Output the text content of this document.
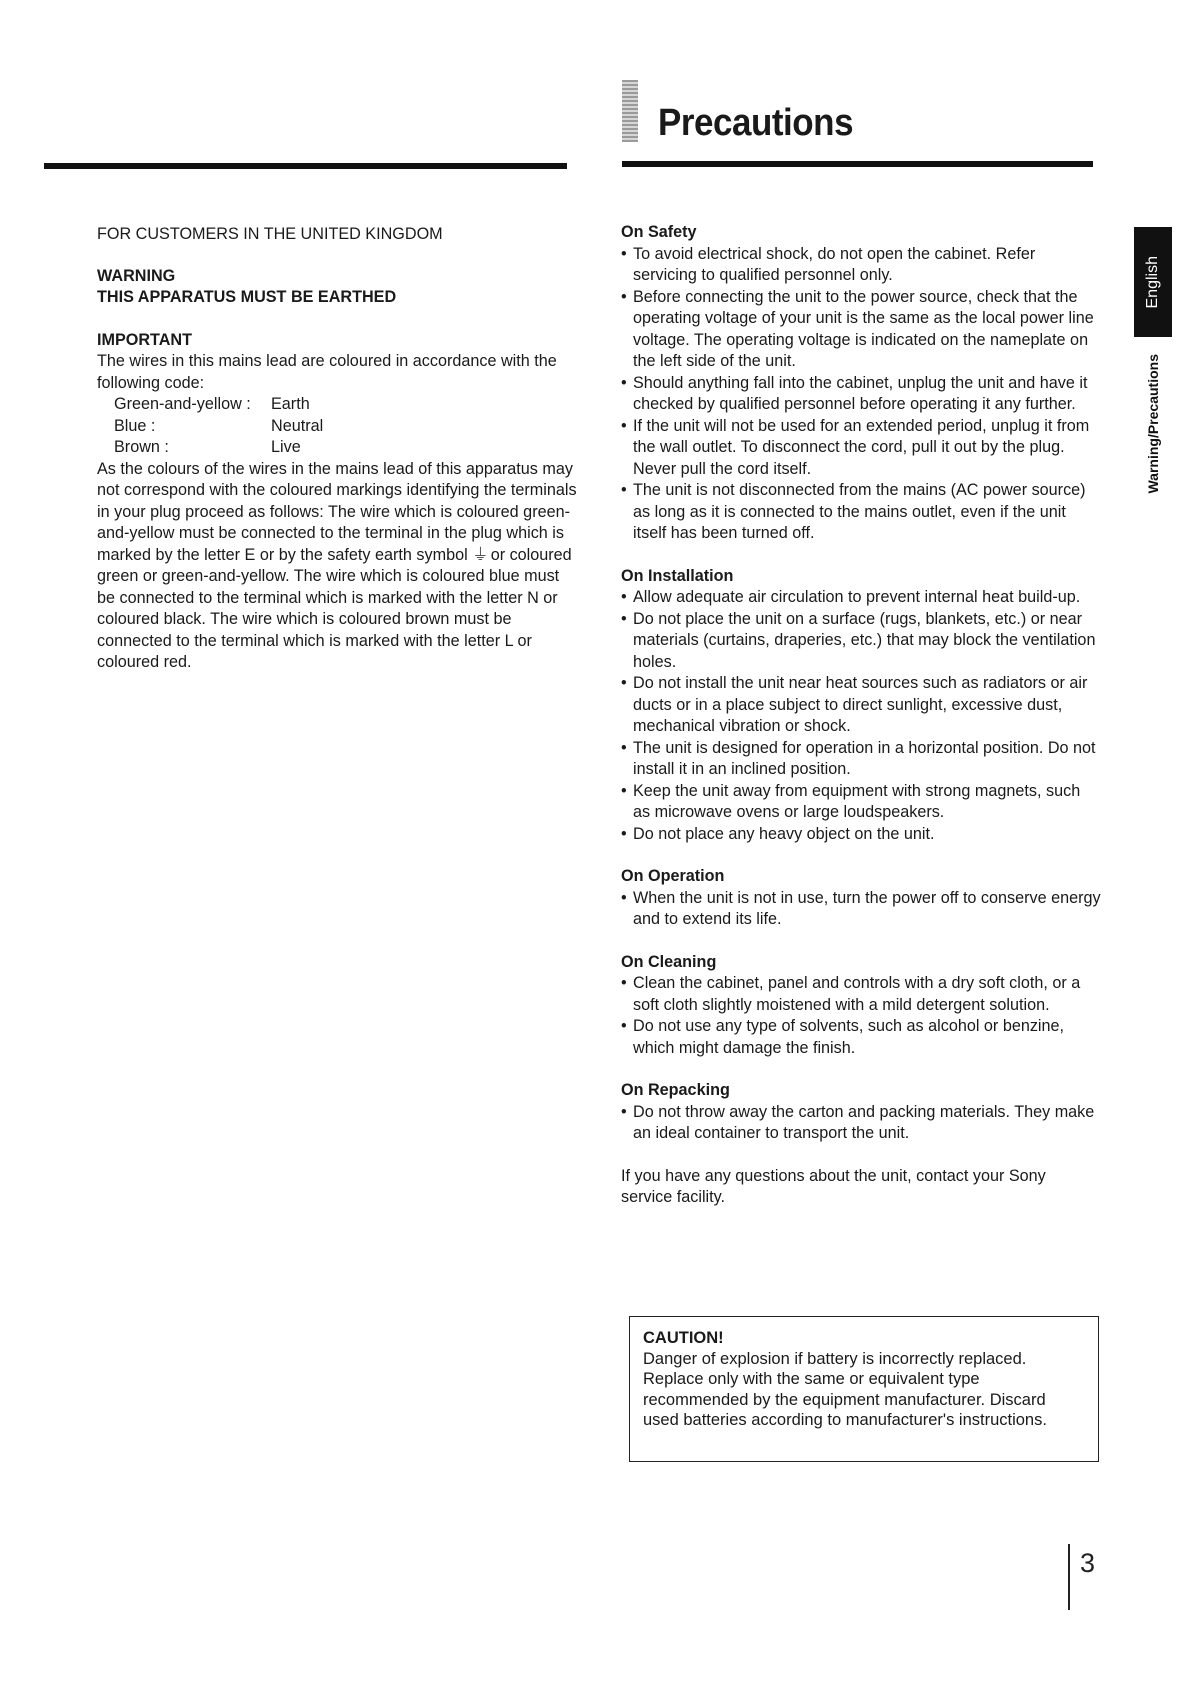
Precautions

FOR CUSTOMERS IN THE UNITED KINGDOM

WARNING

THIS APPARATUS MUST BE EARTHED

IMPORTANT

The wires in this mains lead are coloured in accordance with the following code:

Green-and-yellow :	Earth
Blue :	Neutral
Brown :	Live

As the colours of the wires in the mains lead of this apparatus may not correspond with the coloured markings identifying the terminals in your plug proceed as follows: The wire which is coloured green-and-yellow must be connected to the terminal in the plug which is marked by the letter E or by the safety earth symbol ⏚ or coloured green or green-and-yellow. The wire which is coloured blue must be connected to the terminal which is marked with the letter N or coloured black. The wire which is coloured brown must be connected to the terminal which is marked with the letter L or coloured red.

On Safety

• To avoid electrical shock, do not open the cabinet. Refer servicing to qualified personnel only.
• Before connecting the unit to the power source, check that the operating voltage of your unit is the same as the local power line voltage. The operating voltage is indicated on the nameplate on the left side of the unit.
• Should anything fall into the cabinet, unplug the unit and have it checked by qualified personnel before operating it any further.
• If the unit will not be used for an extended period, unplug it from the wall outlet. To disconnect the cord, pull it out by the plug. Never pull the cord itself.
• The unit is not disconnected from the mains (AC power source) as long as it is connected to the mains outlet, even if the unit itself has been turned off.

On Installation

• Allow adequate air circulation to prevent internal heat build-up.
• Do not place the unit on a surface (rugs, blankets, etc.) or near materials (curtains, draperies, etc.) that may block the ventilation holes.
• Do not install the unit near heat sources such as radiators or air ducts or in a place subject to direct sunlight, excessive dust, mechanical vibration or shock.
• The unit is designed for operation in a horizontal position. Do not install it in an inclined position.
• Keep the unit away from equipment with strong magnets, such as microwave ovens or large loudspeakers.
• Do not place any heavy object on the unit.

On Operation

• When the unit is not in use, turn the power off to conserve energy and to extend its life.

On Cleaning

• Clean the cabinet, panel and controls with a dry soft cloth, or a soft cloth slightly moistened with a mild detergent solution.
• Do not use any type of solvents, such as alcohol or benzine, which might damage the finish.

On Repacking

• Do not throw away the carton and packing materials. They make an ideal container to transport the unit.

If you have any questions about the unit, contact your Sony service facility.

CAUTION!

Danger of explosion if battery is incorrectly replaced. Replace only with the same or equivalent type recommended by the equipment manufacturer. Discard used batteries according to manufacturer's instructions.

English
Warning/Precautions
3
